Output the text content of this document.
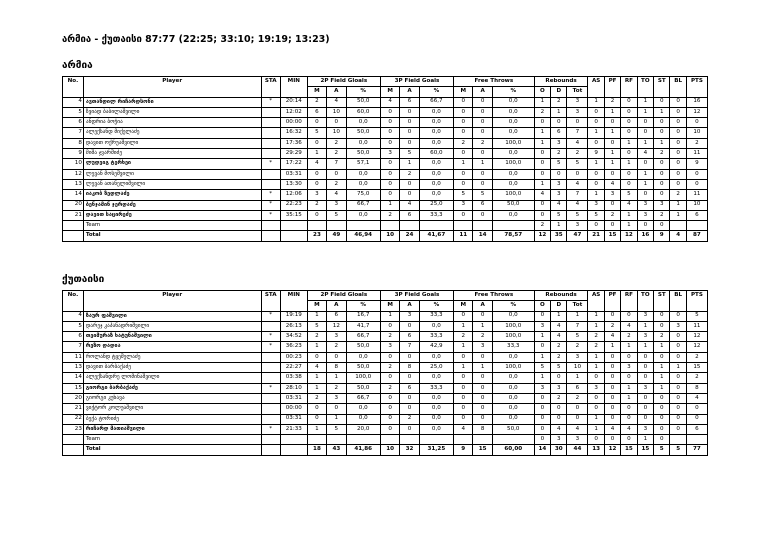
არმია - ქუთაისი 87:77 (22:25; 33:10; 19:19; 13:23)
არმია
No.	Player	STA	MIN	2P Field Gloals			3P Field Goals			Free Throws			Rebounds			AS	PF	RF	TO	ST	BL	PTS
				M	A	%	M	A	%	M	A	%	O	D	Tot							
4	ავთანდილ რიჩარდსონი	*	20:14	2	4	50,0	4	6	66,7	0	0	0,0	1	2	3	1	2	0	1	0	0	16
5	ზვიად ბაბილაშვილი		12:02	6	10	60,0	0	0	0,0	0	0	0,0	2	1	3	0	1	0	1	1	0	12
6	ანდრია ბოჭია		00:00	0	0	0,0	0	0	0,0	0	0	0,0	0	0	0	0	0	0	0	0	0	0
7	ალექსანდ მიქელაძე		16:32	5	10	50,0	0	0	0,0	0	0	0,0	1	6	7	1	1	0	0	0	0	10
8	დავით ოქრუაშვილი		17:36	0	2	0,0	0	0	0,0	2	2	100,0	1	3	4	0	0	1	1	1	0	2
9	მიშა ჯვარშიძე		29:29	1	2	50,0	3	5	60,0	0	0	0,0	0	2	2	9	1	0	4	2	0	11
10	ლუდვიგ ტერხეი	*	17:22	4	7	57,1	0	1	0,0	1	1	100,0	0	5	5	1	1	1	0	0	0	9
12	ლევან მოსეშვილი		03:31	0	0	0,0	0	2	0,0	0	0	0,0	0	0	0	0	0	0	1	0	0	0
13	ლევან ათანელიშვილი		13:30	0	2	0,0	0	0	0,0	0	0	0,0	1	3	4	0	4	0	1	0	0	0
14	იაკობ ზედლაძე	*	12:06	3	4	75,0	0	0	0,0	5	5	100,0	4	3	7	1	3	5	0	0	2	11
20	ბენჯამინ ჯერდაძე	*	22:23	2	3	66,7	1	4	25,0	3	6	50,0	0	4	4	3	0	4	3	3	1	10
21	დავით საცირეძე	*	35:15	0	5	0,0	2	6	33,3	0	0	0,0	0	5	5	5	2	1	3	2	1	6
	Team												2	1	3	0	0	1	0	0		
	Total			23	49	46,94	10	24	41,67	11	14	78,57	12	35	47	21	15	12	16	9	4	87
ქუთაისი
No.	Player	STA	MIN	2P Field Gloals			3P Field Goals			Free Throws			Rebounds			AS	PF	RF	TO	ST	BL	PTS
				M	A	%	M	A	%	M	A	%	O	D	Tot							
4	ზაურ ფაშვილი	*	19:19	1	6	16,7	1	3	33,3	0	0	0,0	0	1	1	1	0	0	3	0	0	5
5	დარეჯ კაპანადრიშვილი		26:13	5	12	41,7	0	0	0,0	1	1	100,0	3	4	7	1	2	4	1	0	3	11
6	თეიმურაზ ხატუნაშვილი	*	34:52	2	3	66,7	2	6	33,3	2	2	100,0	1	4	5	2	4	2	3	2	0	12
7	რეზო დადია	*	36:23	1	2	50,0	3	7	42,9	1	3	33,3	0	2	2	2	1	1	1	1	0	12
11	როლანდ ტყეშელაძე		00:23	0	0	0,0	0	0	0,0	0	0	0,0	1	2	3	1	0	0	0	0	0	2
13	დავით ბარბაქაძე		22:27	4	8	50,0	2	8	25,0	1	1	100,0	5	5	10	1	0	3	0	1	1	15
14	ალექსანდრე ლომინაშვილი		03:38	1	1	100,0	0	0	0,0	0	0	0,0	1	0	1	0	0	0	0	1	0	2
15	გიორგი ბარბაქაძე	*	28:10	1	2	50,0	2	6	33,3	0	0	0,0	3	3	6	3	0	1	3	1	0	8
20	გიორგი კუხავა		03:31	2	3	66,7	0	0	0,0	0	0	0,0	0	2	2	0	0	1	0	0	0	4
21	ვიქტორ კოლუაშვილი		00:00	0	0	0,0	0	0	0,0	0	0	0,0	0	0	0	0	0	0	0	0	0	0
22	ბექა ტორიძე		03:31	0	1	0,0	0	2	0,0	0	0	0,0	0	0	0	1	0	0	0	0	0	0
23	რიჩარდ მათიაშვილი	*	21:33	1	5	20,0	0	0	0,0	4	8	50,0	0	4	4	1	4	4	3	0	0	6
	Team												0	3	3	0	0	0	1	0		
	Total			18	43	41,86	10	32	31,25	9	15	60,00	14	30	44	13	12	15	15	5	5	77
